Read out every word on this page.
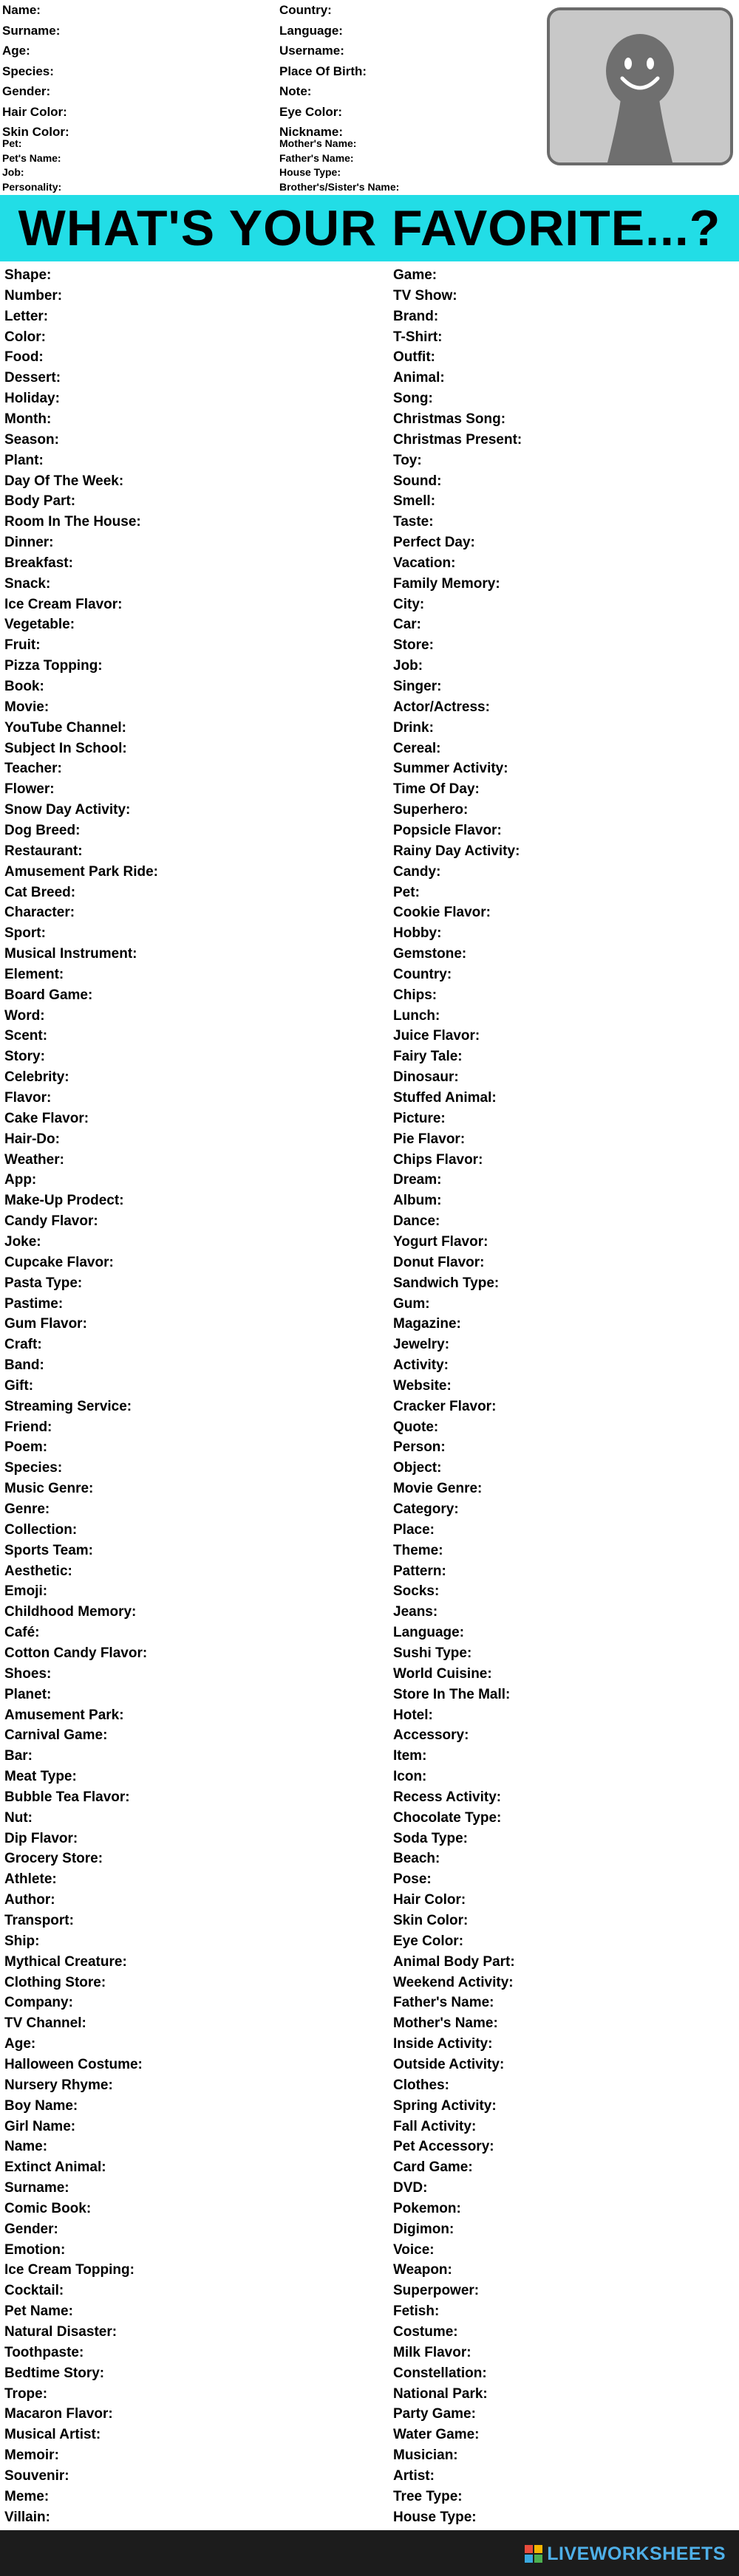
Name:
Surname:
Age:
Species:
Gender:
Hair Color:
Skin Color:
Pet:
Pet's Name:
Job:
Personality:
Country:
Language:
Username:
Place Of Birth:
Note:
Eye Color:
Nickname:
Mother's Name:
Father's Name:
House Type:
Brother's/Sister's Name:
WHAT'S YOUR FAVORITE...?
Shape:
Number:
Letter:
Color:
Food:
Dessert:
Holiday:
Month:
Season:
Plant:
Day Of The Week:
Body Part:
Room In The House:
Dinner:
Breakfast:
Snack:
Ice Cream Flavor:
Vegetable:
Fruit:
Pizza Topping:
Book:
Movie:
YouTube Channel:
Subject In School:
Teacher:
Flower:
Snow Day Activity:
Dog Breed:
Restaurant:
Amusement Park Ride:
Cat Breed:
Character:
Sport:
Musical Instrument:
Element:
Board Game:
Word:
Scent:
Story:
Celebrity:
Flavor:
Cake Flavor:
Hair-Do:
Weather:
App:
Make-Up Prodect:
Candy Flavor:
Joke:
Cupcake Flavor:
Pasta Type:
Pastime:
Gum Flavor:
Craft:
Band:
Gift:
Streaming Service:
Friend:
Poem:
Species:
Music Genre:
Genre:
Collection:
Sports Team:
Aesthetic:
Emoji:
Childhood Memory:
Café:
Cotton Candy Flavor:
Shoes:
Planet:
Amusement Park:
Carnival Game:
Bar:
Meat Type:
Bubble Tea Flavor:
Nut:
Dip Flavor:
Grocery Store:
Athlete:
Author:
Transport:
Ship:
Mythical Creature:
Clothing Store:
Company:
TV Channel:
Age:
Halloween Costume:
Nursery Rhyme:
Boy Name:
Girl Name:
Name:
Extinct Animal:
Surname:
Comic Book:
Gender:
Emotion:
Ice Cream Topping:
Cocktail:
Pet Name:
Natural Disaster:
Toothpaste:
Bedtime Story:
Trope:
Macaron Flavor:
Musical Artist:
Memoir:
Souvenir:
Meme:
Villain:
Game:
TV Show:
Brand:
T-Shirt:
Outfit:
Animal:
Song:
Christmas Song:
Christmas Present:
Toy:
Sound:
Smell:
Taste:
Perfect Day:
Vacation:
Family Memory:
City:
Car:
Store:
Job:
Singer:
Actor/Actress:
Drink:
Cereal:
Summer Activity:
Time Of Day:
Superhero:
Popsicle Flavor:
Rainy Day Activity:
Candy:
Pet:
Cookie Flavor:
Hobby:
Gemstone:
Country:
Chips:
Lunch:
Juice Flavor:
Fairy Tale:
Dinosaur:
Stuffed Animal:
Picture:
Pie Flavor:
Chips Flavor:
Dream:
Album:
Dance:
Yogurt Flavor:
Donut Flavor:
Sandwich Type:
Gum:
Magazine:
Jewelry:
Activity:
Website:
Cracker Flavor:
Quote:
Person:
Object:
Movie Genre:
Category:
Place:
Theme:
Pattern:
Socks:
Jeans:
Language:
Sushi Type:
World Cuisine:
Store In The Mall:
Hotel:
Accessory:
Item:
Icon:
Recess Activity:
Chocolate Type:
Soda Type:
Beach:
Pose:
Hair Color:
Skin Color:
Eye Color:
Animal Body Part:
Weekend Activity:
Father's Name:
Mother's Name:
Inside Activity:
Outside Activity:
Clothes:
Spring Activity:
Fall Activity:
Pet Accessory:
Card Game:
DVD:
Pokemon:
Digimon:
Voice:
Weapon:
Superpower:
Fetish:
Costume:
Milk Flavor:
Constellation:
National Park:
Party Game:
Water Game:
Musician:
Artist:
Tree Type:
House Type:
LIVEWORKSHEETS
